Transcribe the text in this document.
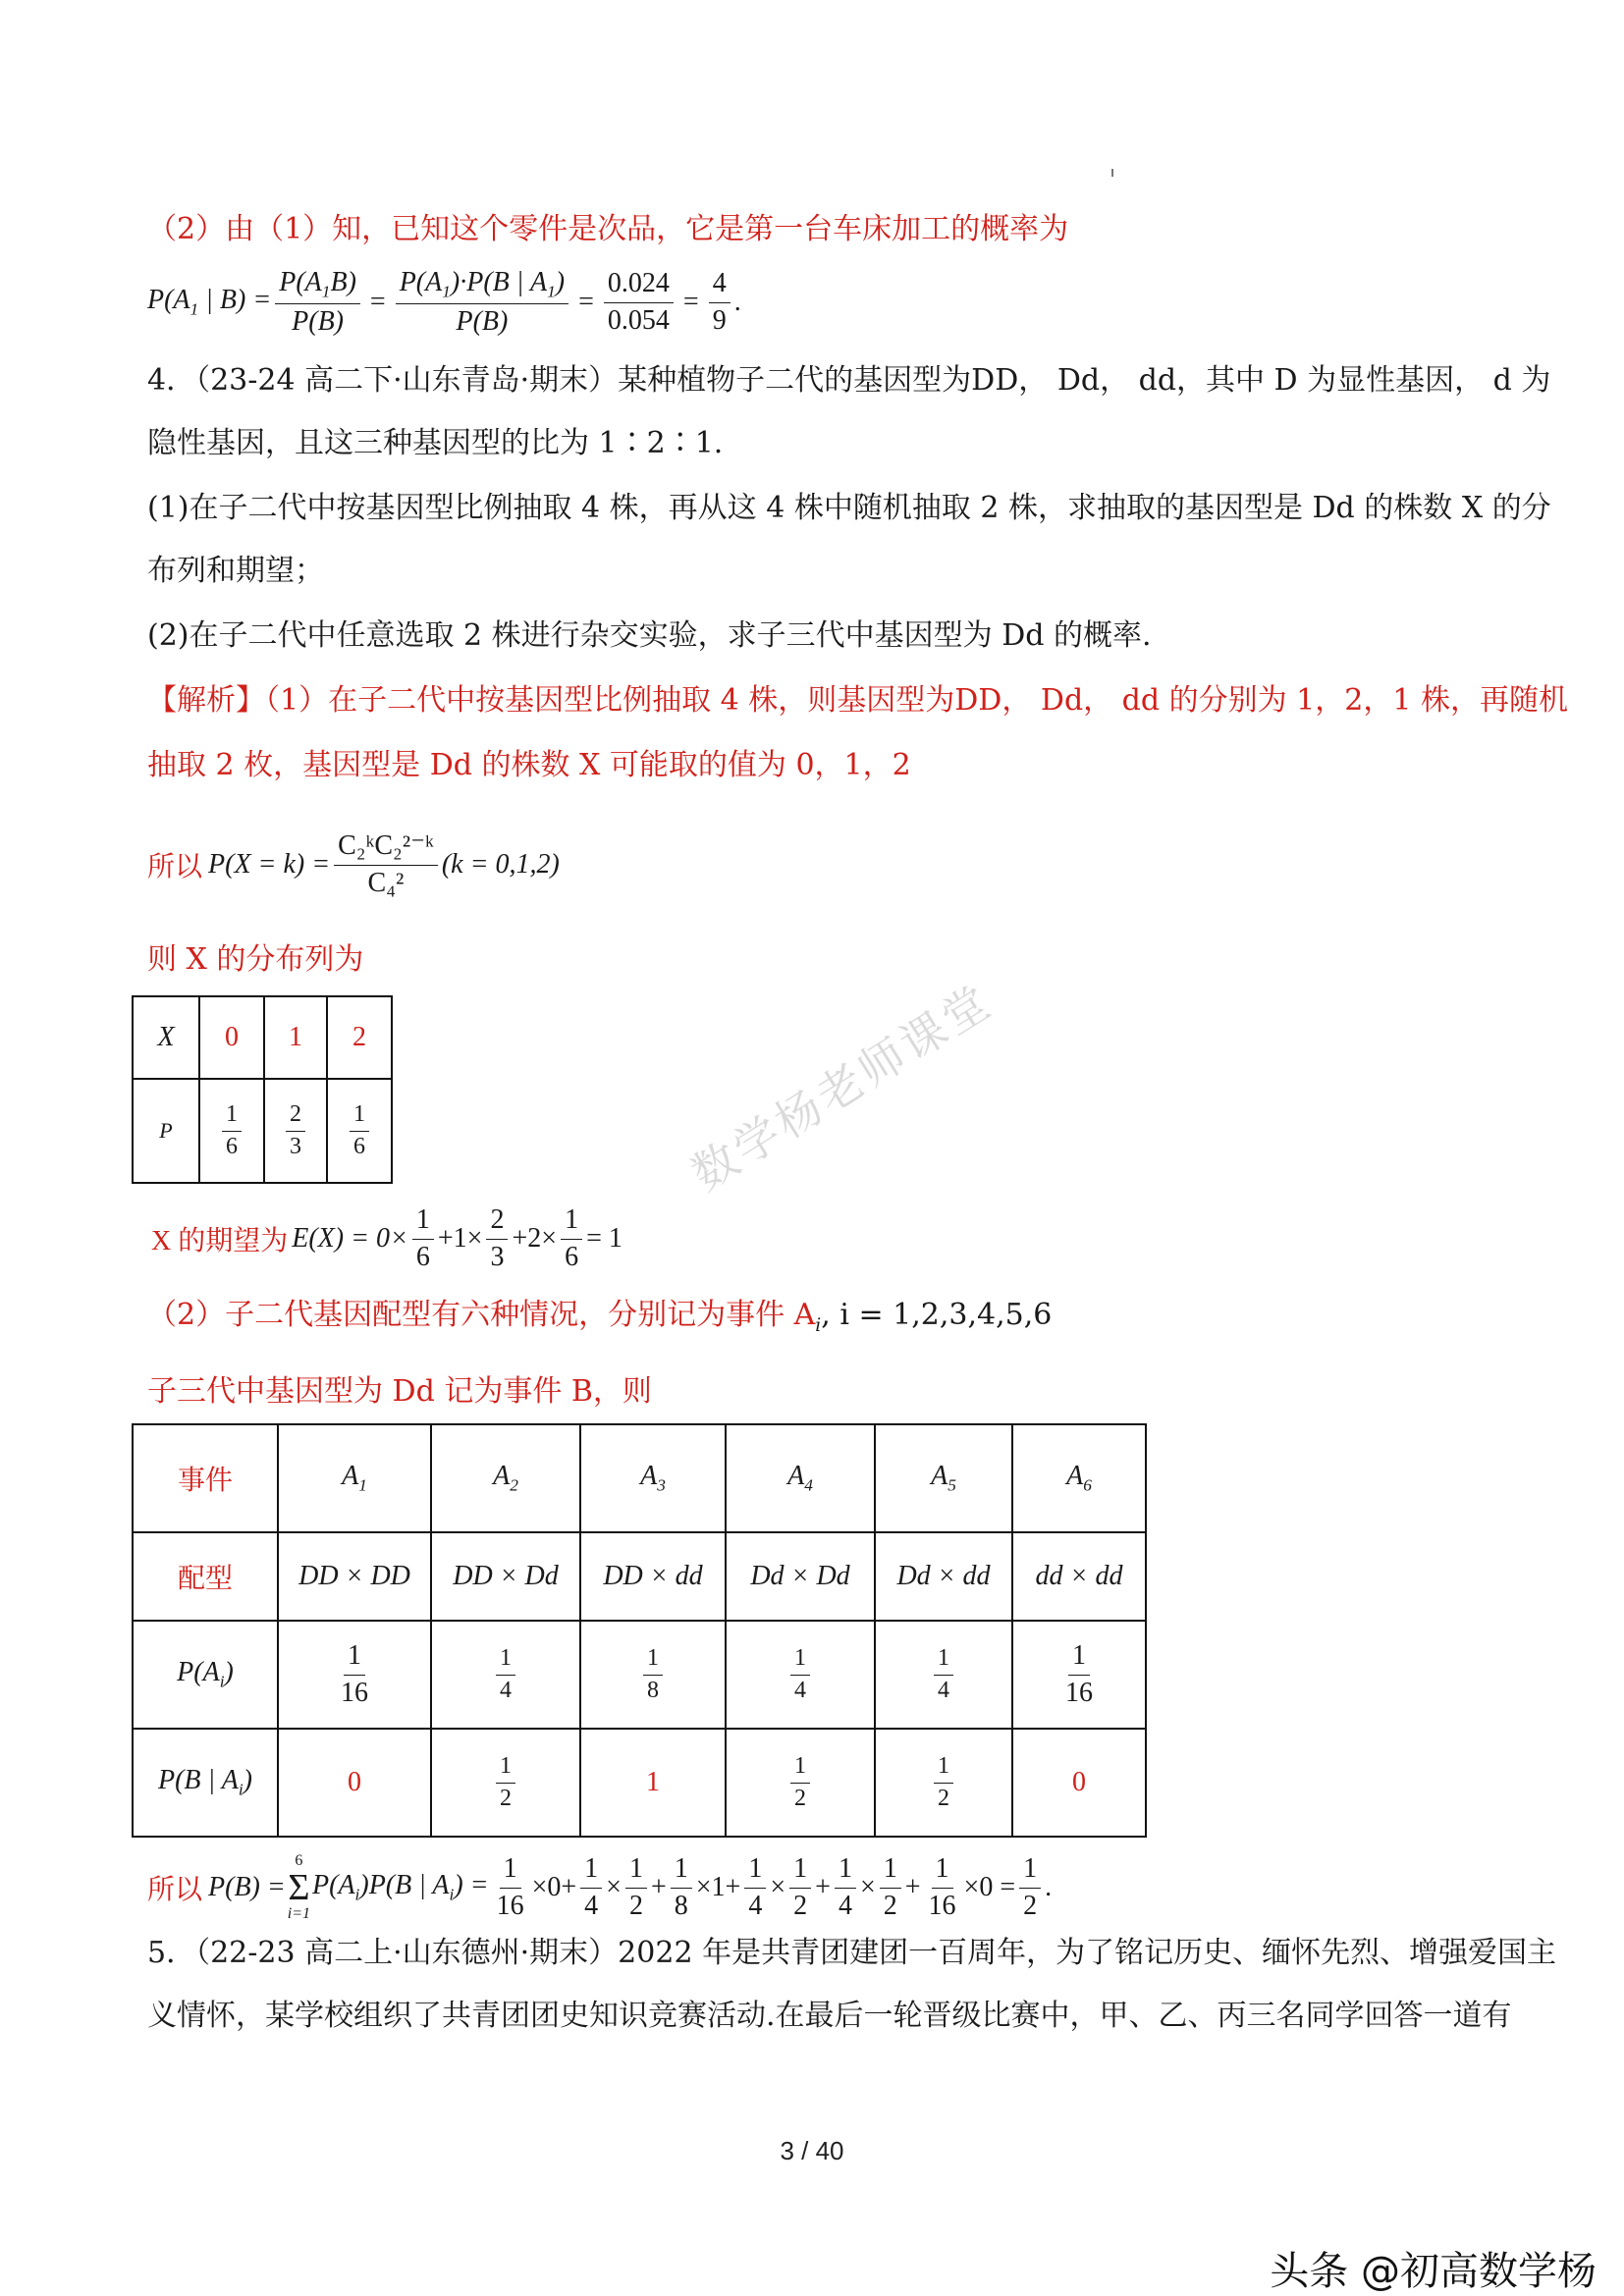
（2）由（1）知，已知这个零件是次品，它是第一台车床加工的概率为
$P(A_1$ | $B) = \frac{P(A_1B)}{P(B)} = \frac{P(A_1)\cdot P(B | A_1)}{P(B)} = \frac{0.024}{0.054} = \frac{4}{9}$ .
4．（23-24 高二下·山东青岛·期末）某种植物子二代的基因型为DD， Dd， dd，其中 D 为显性基因， d 为
隐性基因，且这三种基因型的比为 1∶2∶1.
(1)在子二代中按基因型比例抽取 4 株，再从这 4 株中随机抽取 2 株，求抽取的基因型是 Dd 的株数 X 的分
布列和期望；
(2)在子二代中任意选取 2 株进行杂交实验，求子三代中基因型为 Dd 的概率.
【解析】（1）在子二代中按基因型比例抽取 4 株，则基因型为DD， Dd， dd 的分别为 1，2，1 株，再随机
抽取 2 枚，基因型是 Dd 的株数 X 可能取的值为 0，1，2
所以 $P(X = k) = \frac{\text{C₂ᵏC₂²⁻ᵏ}}{\text{C₄²}} (k = 0,1,2)$
则 X 的分布列为
X	0	1	2
P	$\frac{1}{6}$	$\frac{2}{3}$	$\frac{1}{6}$
X 的期望为 $E(X) = 0\times \frac{1}{6} +1\times \frac{2}{3} +2\times \frac{1}{6} = 1$
（2）子二代基因配型有六种情况，分别记为事件 $A_i$, i = 1,2,3,4,5,6
子三代中基因型为 Dd 记为事件 B，则
事件	$A_1$	$A_2$	$A_3$	$A_4$	$A_5$	$A_6$
配型	DD × DD	DD × Dd	DD × dd	Dd × Dd	Dd × dd	dd × dd
$P(A_i)$	$\frac{1}{16}$	$\frac{1}{4}$	$\frac{1}{8}$	$\frac{1}{4}$	$\frac{1}{4}$	$\frac{1}{16}$

P(B | $A_i$)	0	$\frac{1}{2}$	1	$\frac{1}{2}$	$\frac{1}{2}$	0
所以 P(B) =
6
Σ
i=1
$P(A_i)P(B$ | $A_i) = \frac{1}{16} \times 0+ \frac{1}{4} \times \frac{1}{2} + \frac{1}{8} \times 1+ \frac{1}{4} \times \frac{1}{2} + \frac{1}{4} \times \frac{1}{2} + \frac{1}{16} \times 0 = \frac{1}{2}$ .
5．（22-23 高二上·山东德州·期末）2022 年是共青团建团一百周年，为了铭记历史、缅怀先烈、增强爱国主
义情怀，某学校组织了共青团团史知识竞赛活动.在最后一轮晋级比赛中，甲、乙、丙三名同学回答一道有
数学杨老师课堂
3 / 40
头条 @初高数学杨
